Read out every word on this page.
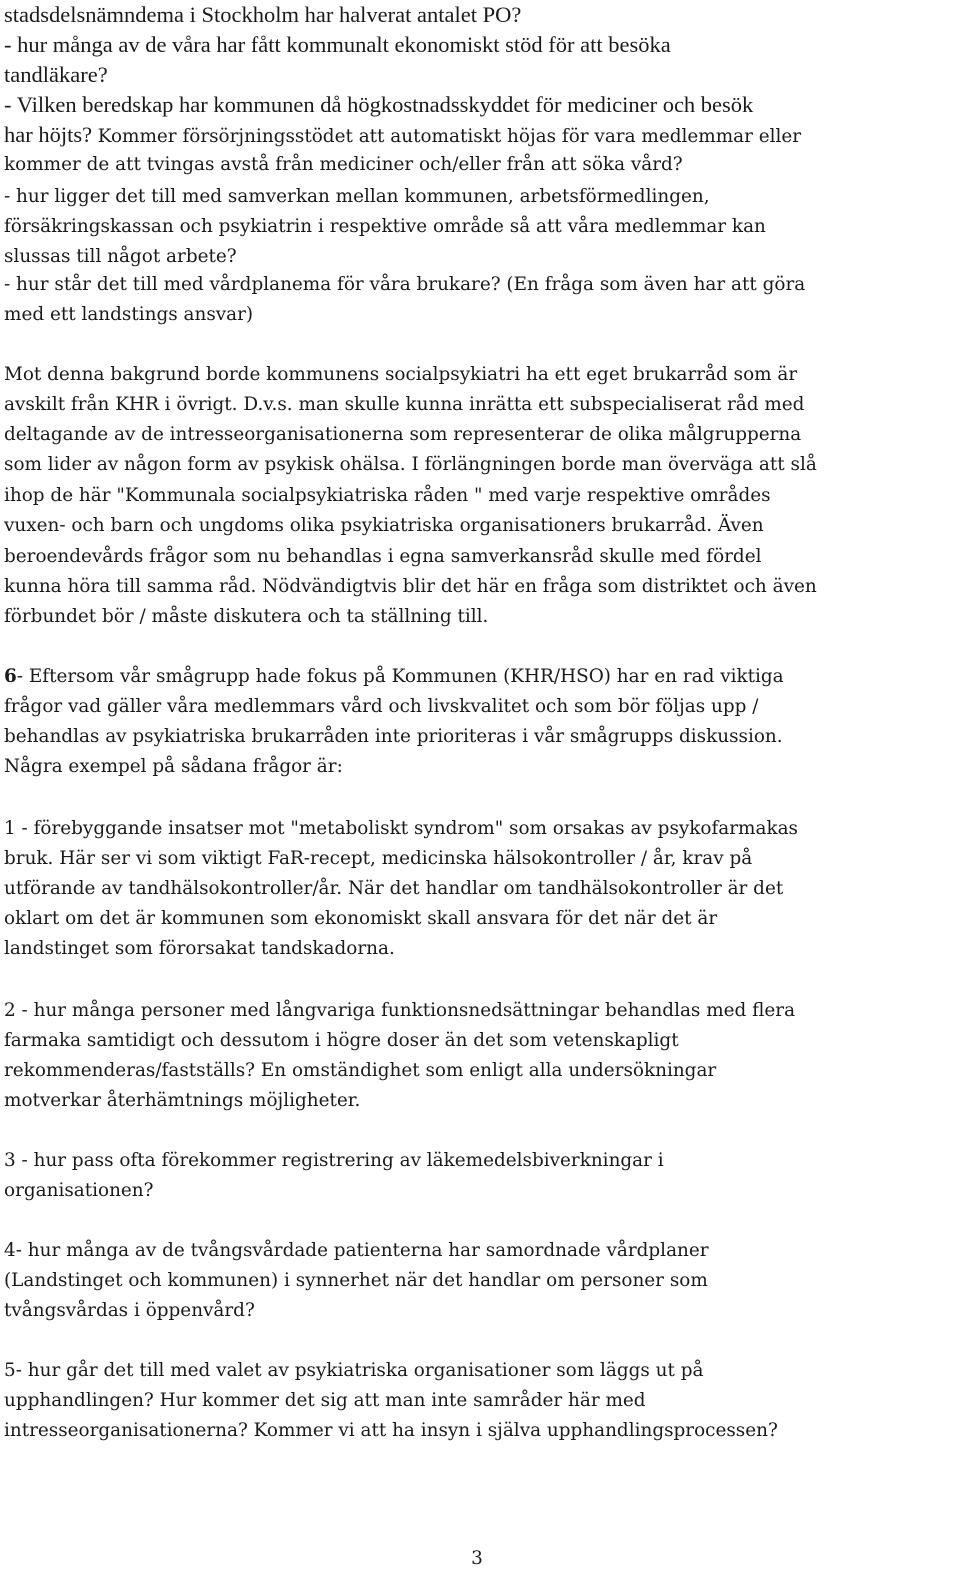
stadsdelsnämndema i Stockholm har halverat antalet PO?
- hur många av de våra har fått kommunalt ekonomiskt stöd för att besöka
tandläkare?
- Vilken beredskap har kommunen då högkostnadsskyddet för mediciner och besök
har höjts? Kommer försörjningsstödet att automatiskt höjas för vara medlemmar eller
kommer de att tvingas avstå från mediciner och/eller från att söka vård?
- hur ligger det till med samverkan mellan kommunen, arbetsförmedlingen,
försäkringskassan och psykiatrin i respektive område så att våra medlemmar kan
slussas till något arbete?
- hur står det till med vårdplanema för våra brukare? (En fråga som även har att göra
med ett landstings ansvar)
Mot denna bakgrund borde kommunens socialpsykiatri ha ett eget brukarråd som är
avskilt från KHR i övrigt. D.v.s. man skulle kunna inrätta ett subspecialiserat råd med
deltagande av de intresseorganisationerna som representerar de olika målgrupperna
som lider av någon form av psykisk ohälsa. I förlängningen borde man överväga att slå
ihop de här "Kommunala socialpsykiatriska råden " med varje respektive områdes
vuxen- och barn och ungdoms olika psykiatriska organisationers brukarråd. Även
beroendevårds frågor som nu behandlas i egna samverkansråd skulle med fördel
kunna höra till samma råd. Nödvändigtvis blir det här en fråga som distriktet och även
förbundet bör / måste diskutera och ta ställning till.
6- Eftersom vår smågrupp hade fokus på Kommunen (KHR/HSO) har en rad viktiga
frågor vad gäller våra medlemmars vård och livskvalitet och som bör följas upp /
behandlas av psykiatriska brukarråden inte prioriteras i vår smågrupps diskussion.
Några exempel på sådana frågor är:
1 - förebyggande insatser mot "metaboliskt syndrom" som orsakas av psykofarmakas
bruk. Här ser vi som viktigt FaR-recept, medicinska hälsokontroller / år, krav på
utförande av tandhälsokontroller/år. När det handlar om tandhälsokontroller är det
oklart om det är kommunen som ekonomiskt skall ansvara för det när det är
landstinget som förorsakat tandskadorna.
2 - hur många personer med långvariga funktionsnedsättningar behandlas med flera
farmaka samtidigt och dessutom i högre doser än det som vetenskapligt
rekommenderas/fastställs? En omständighet som enligt alla undersökningar
motverkar återhämtnings möjligheter.
3 - hur pass ofta förekommer registrering av läkemedelsbiverkningar i
organisationen?
4- hur många av de tvångsvårdade patienterna har samordnade vårdplaner
(Landstinget och kommunen) i synnerhet när det handlar om personer som
tvångsvårdas i öppenvård?
5- hur går det till med valet av psykiatriska organisationer som läggs ut på
upphandlingen? Hur kommer det sig att man inte samråder här med
intresseorganisationerna? Kommer vi att ha insyn i själva upphandlingsprocessen?
3
